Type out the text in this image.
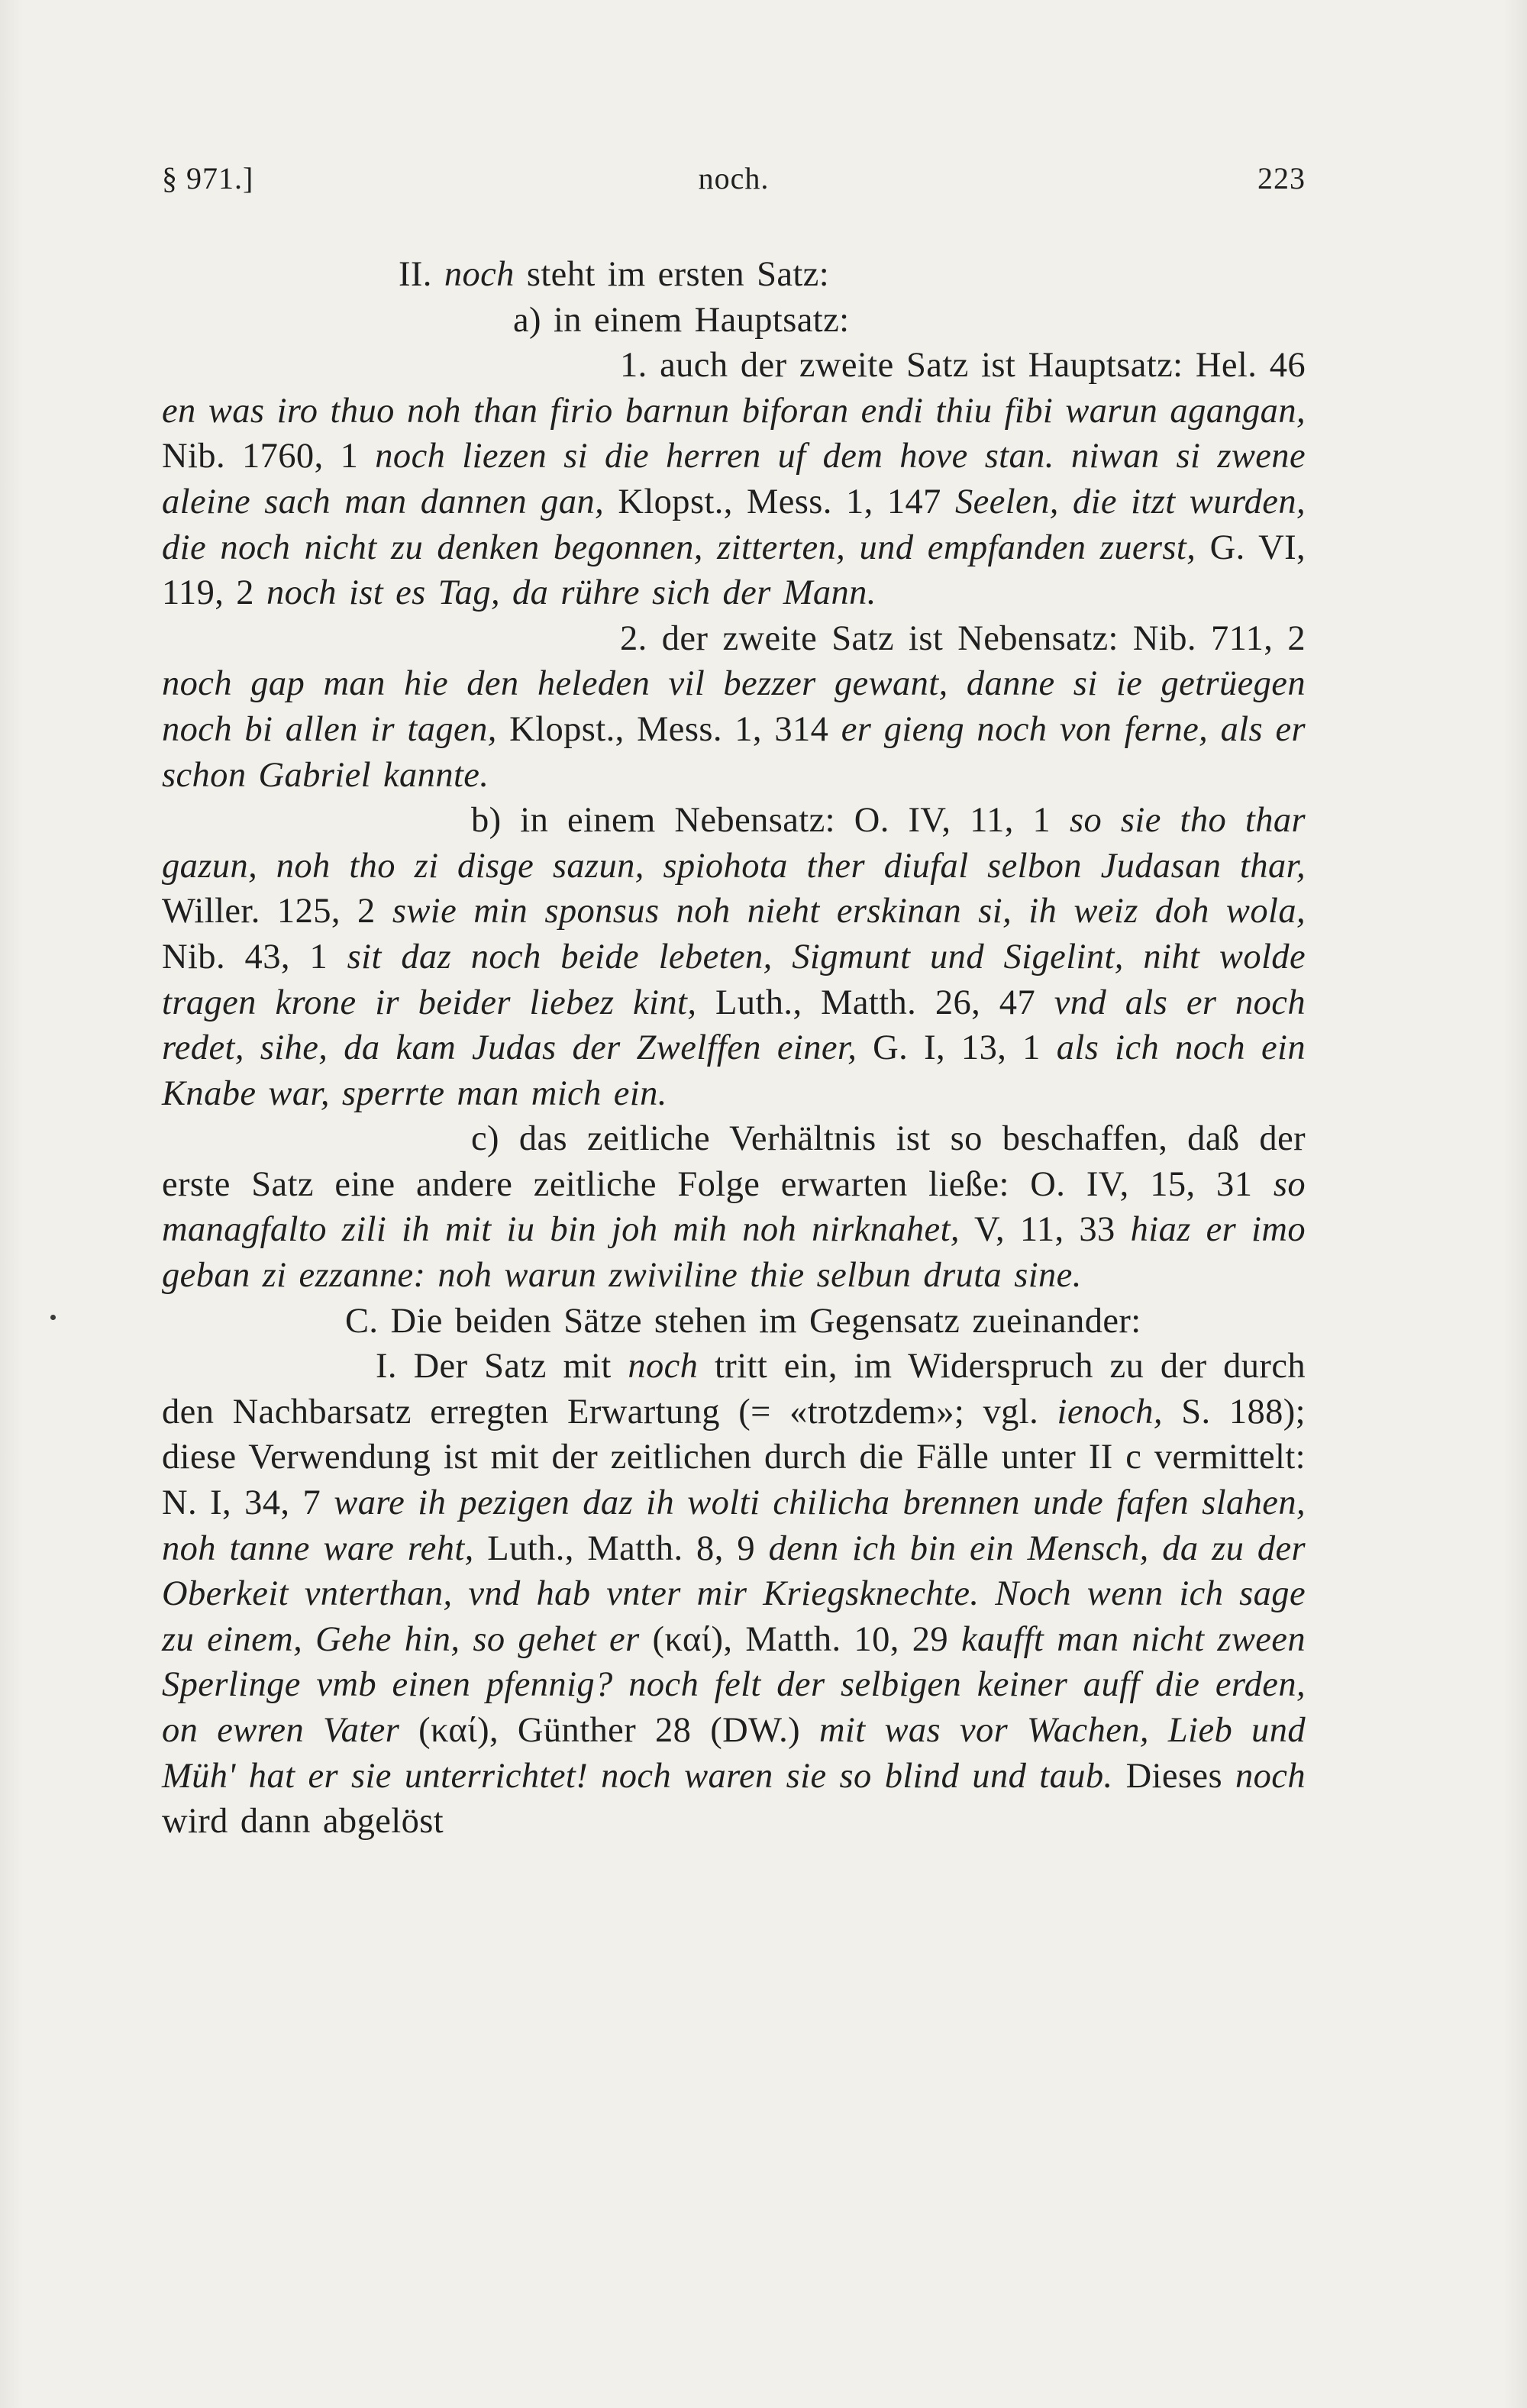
§ 971.]	noch.	223

II. noch steht im ersten Satz:

a) in einem Hauptsatz:

1. auch der zweite Satz ist Hauptsatz: Hel. 46 en was iro thuo noh than firio barnun biforan endi thiu fibi warun agangan, Nib. 1760, 1 noch liezen si die herren uf dem hove stan. niwan si zwene aleine sach man dannen gan, Klopst., Mess. 1, 147 Seelen, die itzt wurden, die noch nicht zu denken begonnen, zitterten, und empfanden zuerst, G. VI, 119, 2 noch ist es Tag, da rühre sich der Mann.

2. der zweite Satz ist Nebensatz: Nib. 711, 2 noch gap man hie den heleden vil bezzer gewant, danne si ie getrüegen noch bi allen ir tagen, Klopst., Mess. 1, 314 er gieng noch von ferne, als er schon Gabriel kannte.

b) in einem Nebensatz: O. IV, 11, 1 so sie tho thar gazun, noh tho zi disge sazun, spiohota ther diufal selbon Judasan thar, Willer. 125, 2 swie min sponsus noh nieht erskinan si, ih weiz doh wola, Nib. 43, 1 sit daz noch beide lebeten, Sigmunt und Sigelint, niht wolde tragen krone ir beider liebez kint, Luth., Matth. 26, 47 vnd als er noch redet, sihe, da kam Judas der Zwelffen einer, G. I, 13, 1 als ich noch ein Knabe war, sperrte man mich ein.

c) das zeitliche Verhältnis ist so beschaffen, daß der erste Satz eine andere zeitliche Folge erwarten ließe: O. IV, 15, 31 so managfalto zili ih mit iu bin joh mih noh nirknahet, V, 11, 33 hiaz er imo geban zi ezzanne: noh warun zwiviline thie selbun druta sine.

C. Die beiden Sätze stehen im Gegensatz zueinander:

I. Der Satz mit noch tritt ein, im Widerspruch zu der durch den Nachbarsatz erregten Erwartung (= «trotzdem»; vgl. ienoch, S. 188); diese Verwendung ist mit der zeitlichen durch die Fälle unter II c vermittelt: N. I, 34, 7 ware ih pezigen daz ih wolti chilicha brennen unde fafen slahen, noh tanne ware reht, Luth., Matth. 8, 9 denn ich bin ein Mensch, da zu der Oberkeit vnterthan, vnd hab vnter mir Kriegsknechte. Noch wenn ich sage zu einem, Gehe hin, so gehet er (καί), Matth. 10, 29 kaufft man nicht zween Sperlinge vmb einen pfennig? noch felt der selbigen keiner auff die erden, on ewren Vater (καί), Günther 28 (DW.) mit was vor Wachen, Lieb und Müh' hat er sie unterrichtet! noch waren sie so blind und taub. Dieses noch wird dann abgelöst
